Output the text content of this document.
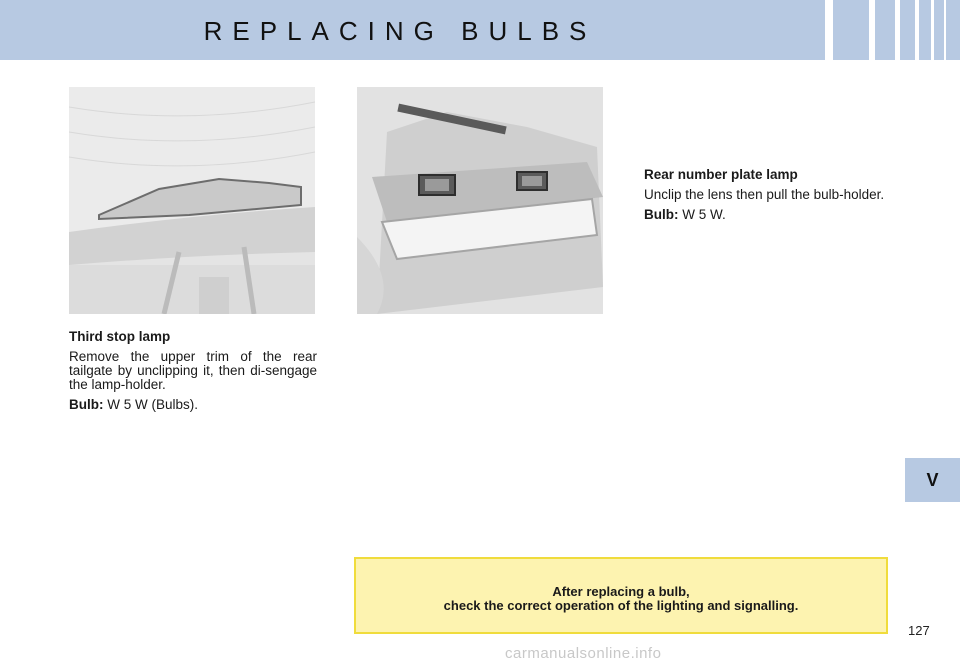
REPLACING BULBS
Third stop lamp
Remove the upper trim of the rear tailgate by unclipping it, then di-sengage the lamp-holder.
Bulb: W 5 W (Bulbs).
Rear number plate lamp
Unclip the lens then pull the bulb-holder.
Bulb: W 5 W.
V
After replacing a bulb,
check the correct operation of the lighting and signalling.
127
carmanualsonline.info
